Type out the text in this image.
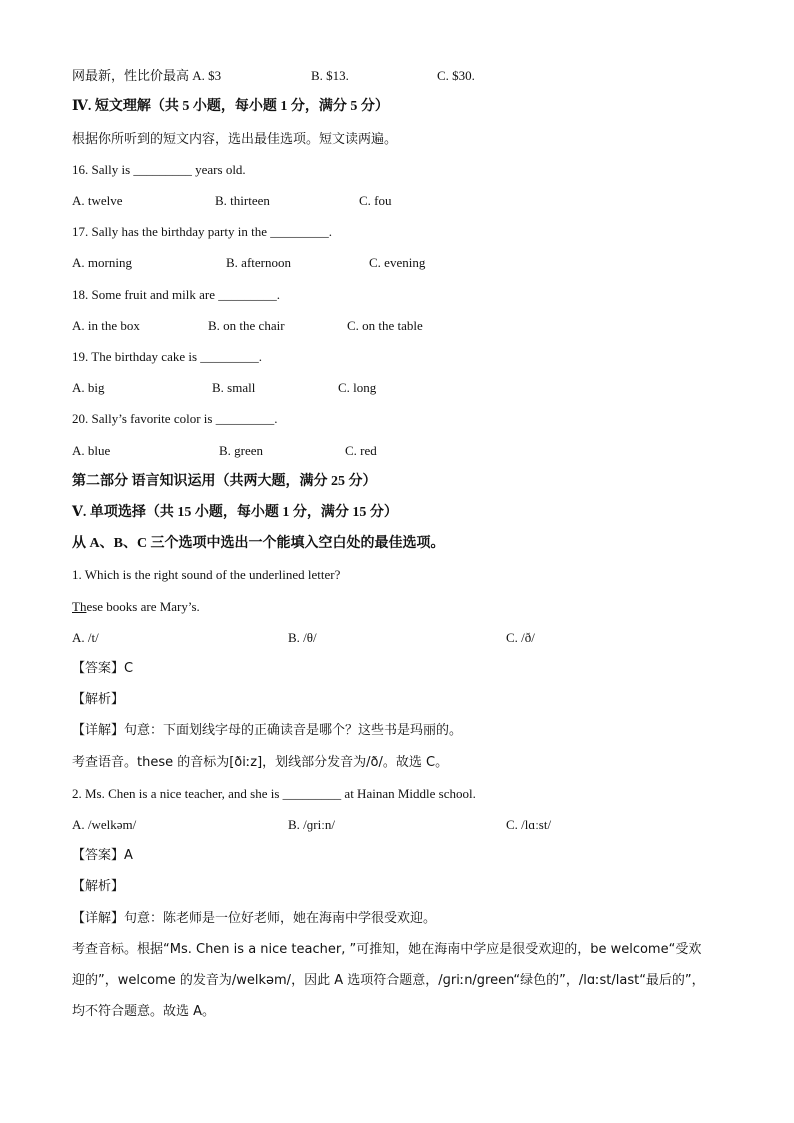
网最新，性比价最高 A. $3	B. $13.	C. $30.
Ⅳ. 短文理解（共 5 小题，每小题 1 分，满分 5 分）
根据你所听到的短文内容，选出最佳选项。短文读两遍。
16. Sally is _________ years old.
A. twelve	B. thirteen	C. fou
17. Sally has the birthday party in the _________.
A. morning	B. afternoon	C. evening
18. Some fruit and milk are _________.
A. in the box	B. on the chair	C. on the table
19. The birthday cake is _________.
A. big	B. small	C. long
20. Sally’s favorite color is _________.
A. blue	B. green	C. red
第二部分 语言知识运用（共两大题，满分 25 分）
Ⅴ. 单项选择（共 15 小题，每小题 1 分，满分 15 分）
从 A、B、C 三个选项中选出一个能填入空白处的最佳选项。
1. Which is the right sound of the underlined letter?
These books are Mary’s.
A. /t/	B. /θ/	C. /ð/
【答案】C
【解析】
【详解】句意：下面划线字母的正确读音是哪个？这些书是玛丽的。
考查语音。these 的音标为[ðiːz]，划线部分发音为/ð/。故选 C。
2. Ms. Chen is a nice teacher, and she is _________ at Hainan Middle school.
A. /welkəm/	B. /ɡriːn/	C. /lɑːst/
【答案】A
【解析】
【详解】句意：陈老师是一位好老师，她在海南中学很受欢迎。
考查音标。根据“Ms. Chen is a nice teacher, ”可推知，她在海南中学应是很受欢迎的，be welcome“受欢
迎的”，welcome 的发音为/welkəm/，因此 A 选项符合题意，/ɡriːn/green“绿色的”，/lɑːst/last“最后的”，
均不符合题意。故选 A。
